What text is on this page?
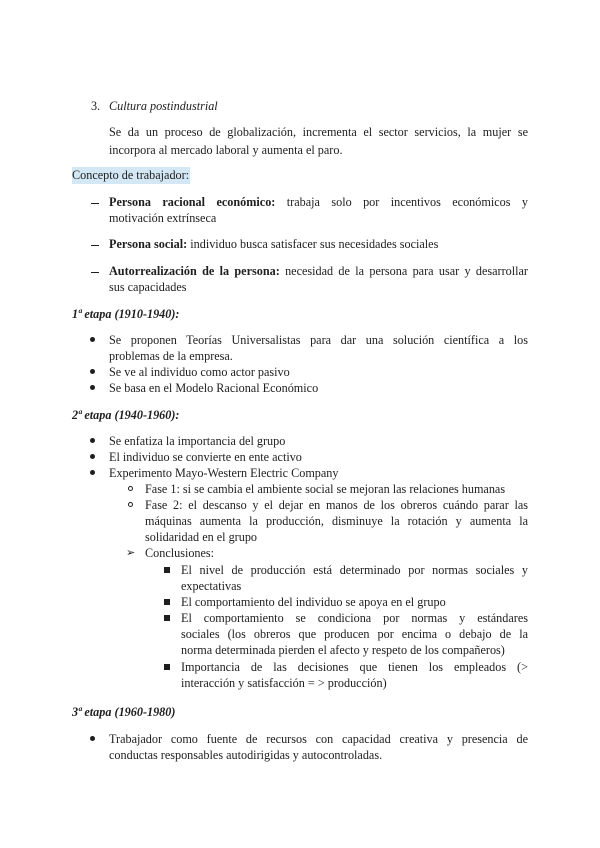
3. Cultura postindustrial
Se da un proceso de globalización, incrementa el sector servicios, la mujer se
incorpora al mercado laboral y aumenta el paro.
Concepto de trabajador:
Persona racional económico: trabaja solo por incentivos económicos y
motivación extrínseca
Persona social: individuo busca satisfacer sus necesidades sociales
Autorrealización de la persona: necesidad de la persona para usar y desarrollar
sus capacidades
1ª etapa (1910-1940):
Se proponen Teorías Universalistas para dar una solución científica a los
problemas de la empresa.
Se ve al individuo como actor pasivo
Se basa en el Modelo Racional Económico
2ª etapa (1940-1960):
Se enfatiza la importancia del grupo
El individuo se convierte en ente activo
Experimento Mayo-Western Electric Company
Fase 1: si se cambia el ambiente social se mejoran las relaciones humanas
Fase 2: el descanso y el dejar en manos de los obreros cuándo parar las
máquinas aumenta la producción, disminuye la rotación y aumenta la
solidaridad en el grupo
➢ Conclusiones:
El nivel de producción está determinado por normas sociales y
expectativas
El comportamiento del individuo se apoya en el grupo
El comportamiento se condiciona por normas y estándares
sociales (los obreros que producen por encima o debajo de la
norma determinada pierden el afecto y respeto de los compañeros)
Importancia de las decisiones que tienen los empleados (>
interacción y satisfacción = > producción)
3ª etapa (1960-1980)
Trabajador como fuente de recursos con capacidad creativa y presencia de
conductas responsables autodirigidas y autocontroladas.
